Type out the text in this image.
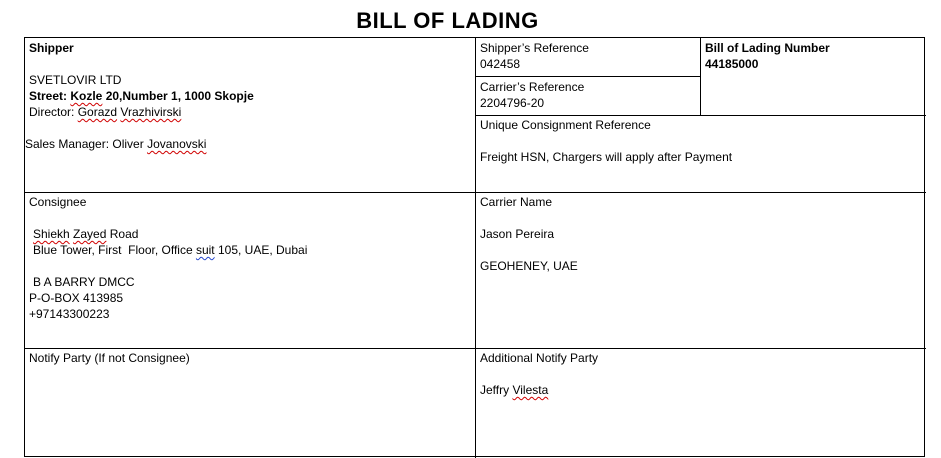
BILL OF LADING
Shipper
SVETLOVIR LTD
Street: Kozle 20,Number 1, 1000 Skopje
Director: Gorazd Vrazhivirski
Sales Manager: Oliver Jovanovski
Shipper’s Reference
042458
Bill of Lading Number
44185000
Carrier’s Reference
2204796-20
Unique Consignment Reference
Freight HSN, Chargers will apply after Payment
Consignee
Shiekh Zayed Road
Blue Tower, First  Floor, Office suit 105, UAE, Dubai
B A BARRY DMCC
P-O-BOX 413985
+97143300223
Carrier Name
Jason Pereira
GEOHENEY, UAE
Notify Party (If not Consignee)	Additional Notify Party
Jeffry Vilesta
